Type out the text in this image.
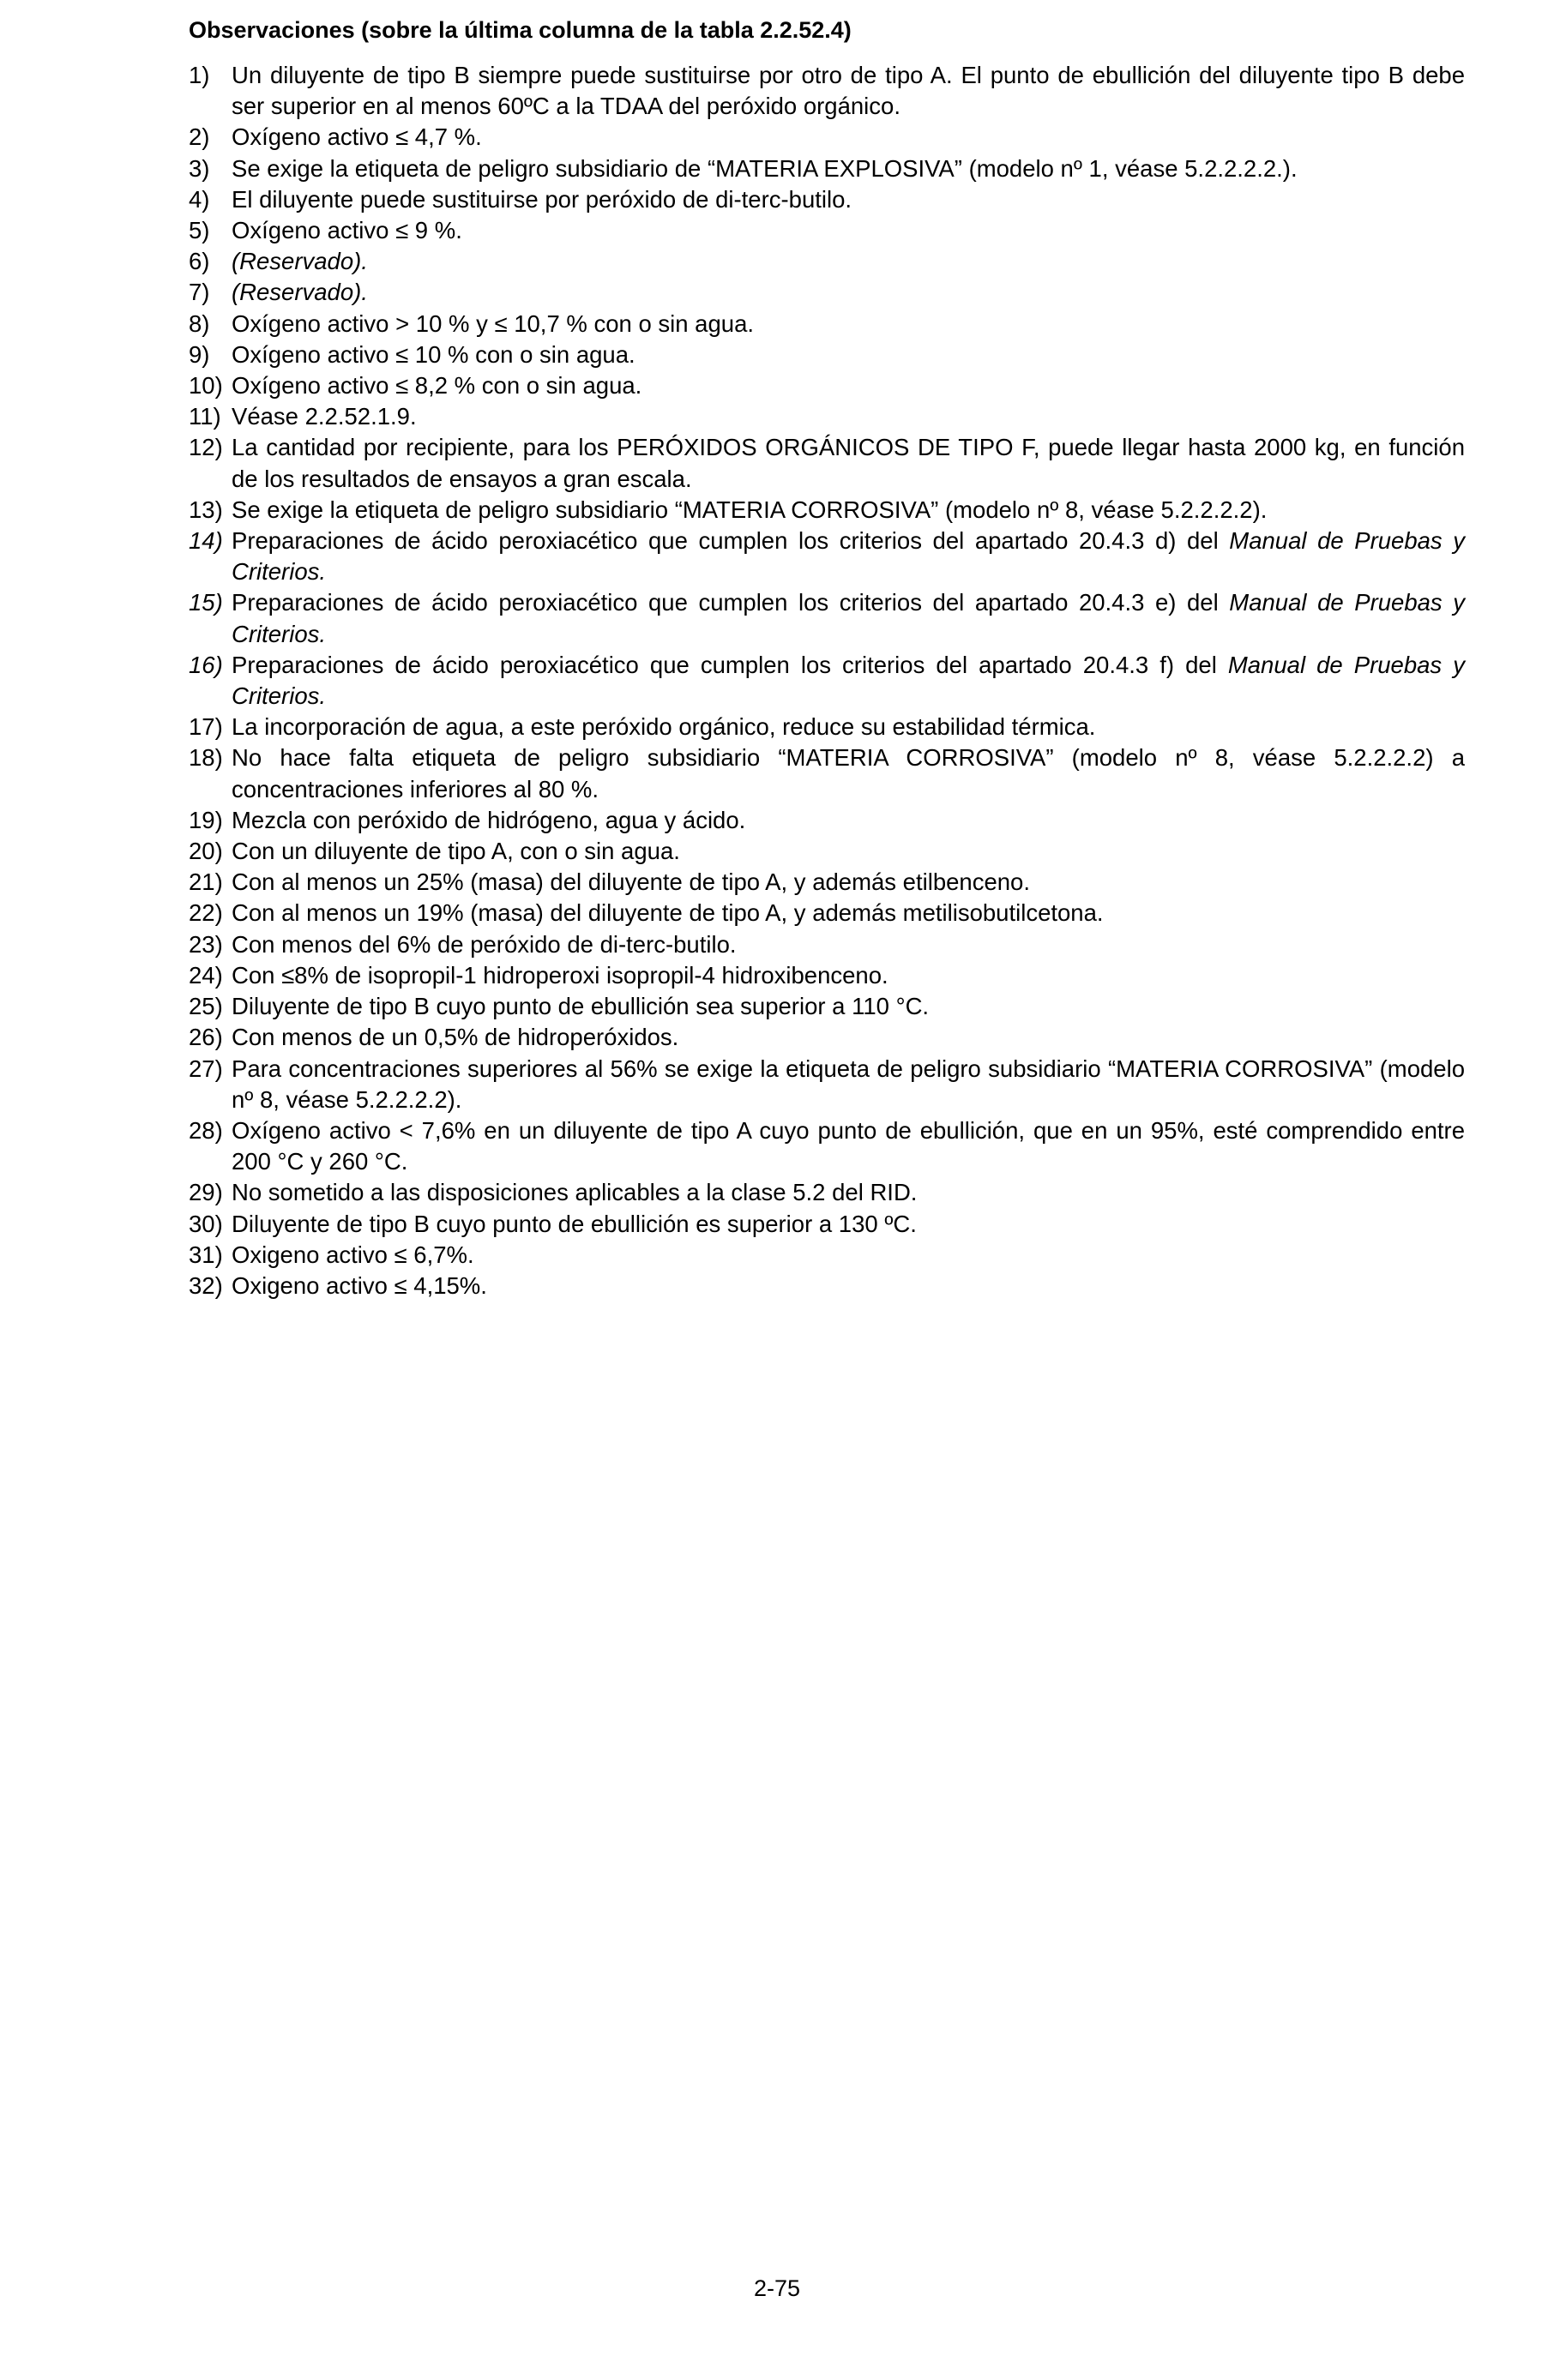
Observaciones (sobre la última columna de la tabla 2.2.52.4)
1) Un diluyente de tipo B siempre puede sustituirse por otro de tipo A. El punto de ebullición del diluyente tipo B debe ser superior en al menos 60ºC a la TDAA del peróxido orgánico.
2) Oxígeno activo ≤ 4,7 %.
3) Se exige la etiqueta de peligro subsidiario de “MATERIA EXPLOSIVA” (modelo nº 1, véase 5.2.2.2.2.).
4) El diluyente puede sustituirse por peróxido de di-terc-butilo.
5) Oxígeno activo ≤ 9 %.
6) (Reservado).
7) (Reservado).
8) Oxígeno activo > 10 % y ≤ 10,7 % con o sin agua.
9) Oxígeno activo ≤ 10 % con o sin agua.
10) Oxígeno activo ≤ 8,2 % con o sin agua.
11) Véase 2.2.52.1.9.
12) La cantidad por recipiente, para los PERÓXIDOS ORGÁNICOS DE TIPO F, puede llegar hasta 2000 kg, en función de los resultados de ensayos a gran escala.
13) Se exige la etiqueta de peligro subsidiario “MATERIA CORROSIVA” (modelo nº 8, véase 5.2.2.2.2).
14) Preparaciones de ácido peroxiacético que cumplen los criterios del apartado 20.4.3 d) del Manual de Pruebas y Criterios.
15) Preparaciones de ácido peroxiacético que cumplen los criterios del apartado 20.4.3 e) del Manual de Pruebas y Criterios.
16) Preparaciones de ácido peroxiacético que cumplen los criterios del apartado 20.4.3 f) del Manual de Pruebas y Criterios.
17) La incorporación de agua, a este peróxido orgánico, reduce su estabilidad térmica.
18) No hace falta etiqueta de peligro subsidiario “MATERIA CORROSIVA” (modelo nº 8, véase 5.2.2.2.2) a concentraciones inferiores al 80 %.
19) Mezcla con peróxido de hidrógeno, agua y ácido.
20) Con un diluyente de tipo A, con o sin agua.
21) Con al menos un 25% (masa) del diluyente de tipo A, y además etilbenceno.
22) Con al menos un 19% (masa) del diluyente de tipo A, y además metilisobutilcetona.
23) Con menos del 6% de peróxido de di-terc-butilo.
24) Con ≤8% de isopropil-1 hidroperoxi isopropil-4 hidroxibenceno.
25) Diluyente de tipo B cuyo punto de ebullición sea superior a 110 °C.
26) Con menos de un 0,5% de hidroperóxidos.
27) Para concentraciones superiores al 56% se exige la etiqueta de peligro subsidiario “MATERIA CORROSIVA” (modelo nº 8, véase 5.2.2.2.2).
28) Oxígeno activo < 7,6% en un diluyente de tipo A cuyo punto de ebullición, que en un 95%, esté comprendido entre 200 °C y 260 °C.
29) No sometido a las disposiciones aplicables a la clase 5.2 del RID.
30) Diluyente de tipo B cuyo punto de ebullición es superior a 130 ºC.
31) Oxigeno activo ≤ 6,7%.
32) Oxigeno activo ≤ 4,15%.
2-75
